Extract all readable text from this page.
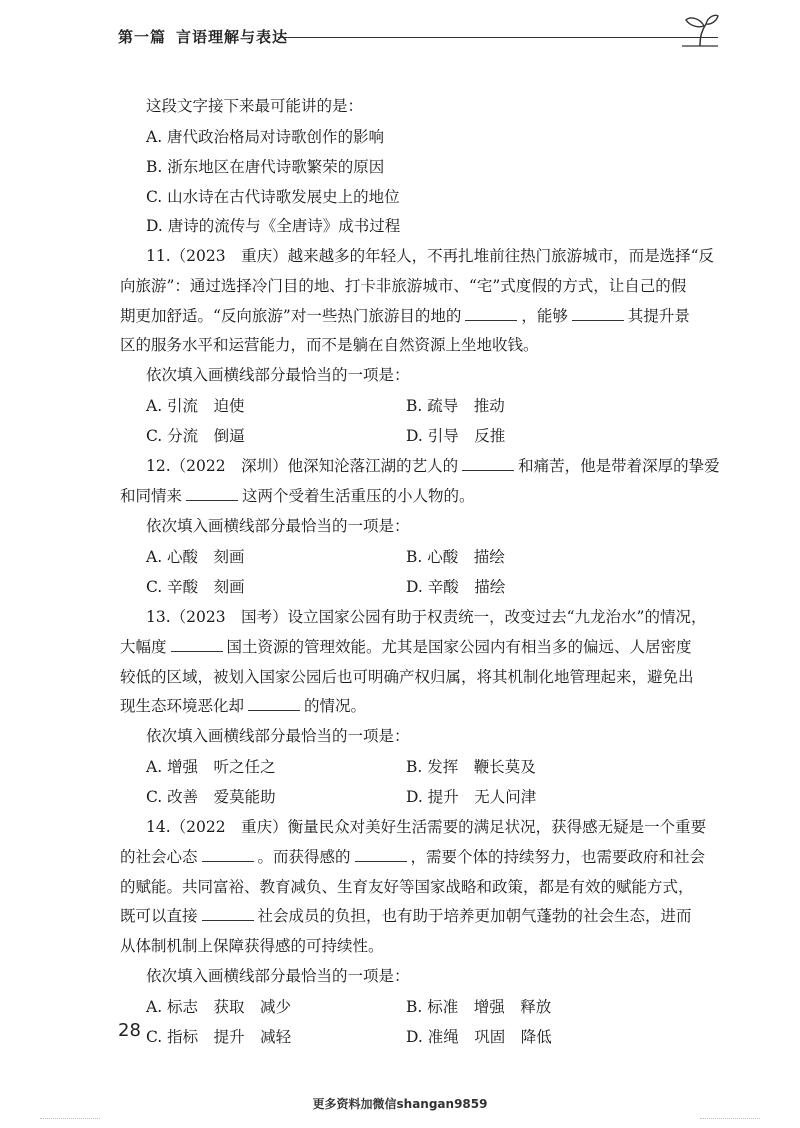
第一篇 言语理解与表达
这段文字接下来最可能讲的是：
A. 唐代政治格局对诗歌创作的影响
B. 浙东地区在唐代诗歌繁荣的原因
C. 山水诗在古代诗歌发展史上的地位
D. 唐诗的流传与《全唐诗》成书过程
11.（2023　重庆）越来越多的年轻人，不再扎堆前往热门旅游城市，而是选择“反
向旅游”：通过选择冷门目的地、打卡非旅游城市、“宅”式度假的方式，让自己的假
期更加舒适。“反向旅游”对一些热门旅游目的地的	，能够	其提升景
区的服务水平和运营能力，而不是躺在自然资源上坐地收钱。
依次填入画横线部分最恰当的一项是：
A. 引流　迫使	B. 疏导　推动
C. 分流　倒逼	D. 引导　反推
12.（2022　深圳）他深知沦落江湖的艺人的	和痛苦，他是带着深厚的挚爱
和同情来	这两个受着生活重压的小人物的。
依次填入画横线部分最恰当的一项是：
A. 心酸　刻画	B. 心酸　描绘
C. 辛酸　刻画	D. 辛酸　描绘
13.（2023　国考）设立国家公园有助于权责统一，改变过去“九龙治水”的情况，
大幅度	国土资源的管理效能。尤其是国家公园内有相当多的偏远、人居密度
较低的区域，被划入国家公园后也可明确产权归属，将其机制化地管理起来，避免出
现生态环境恶化却	的情况。
依次填入画横线部分最恰当的一项是：
A. 增强　听之任之	B. 发挥　鞭长莫及
C. 改善　爱莫能助	D. 提升　无人问津
14.（2022　重庆）衡量民众对美好生活需要的满足状况，获得感无疑是一个重要
的社会心态	。而获得感的	，需要个体的持续努力，也需要政府和社会
的赋能。共同富裕、教育减负、生育友好等国家战略和政策，都是有效的赋能方式，
既可以直接	社会成员的负担，也有助于培养更加朝气蓬勃的社会生态，进而
从体制机制上保障获得感的可持续性。
依次填入画横线部分最恰当的一项是：
A. 标志　获取　减少	B. 标准　增强　释放
C. 指标　提升　减轻	D. 准绳　巩固　降低
28
更多资料加微信shangan9859
